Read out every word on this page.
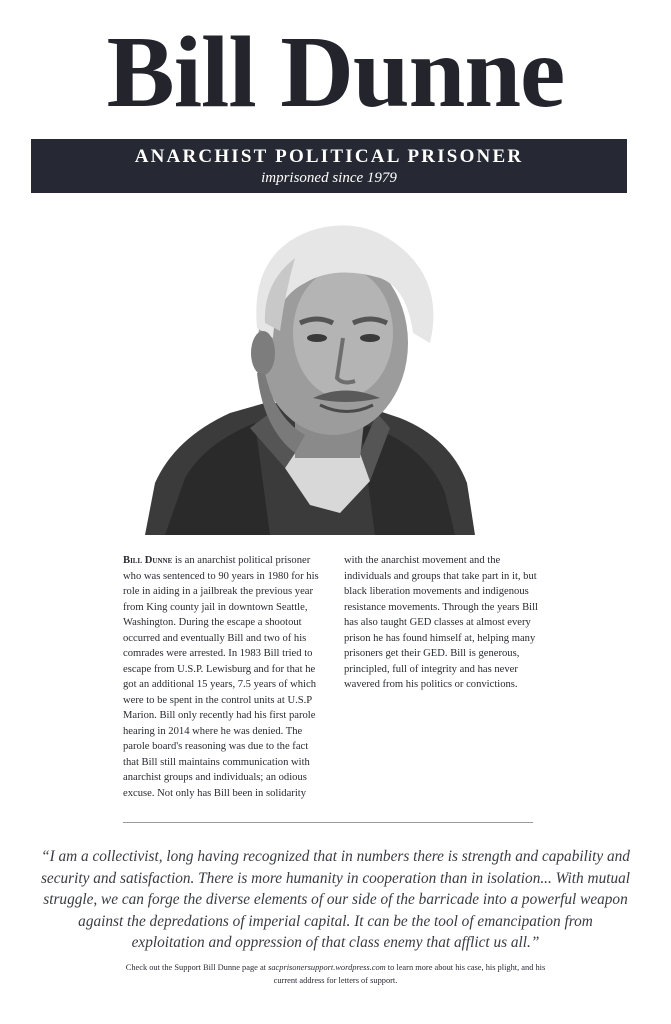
Bill Dunne
ANARCHIST POLITICAL PRISONER
imprisoned since 1979

Bill Dunne is an anarchist political prisoner who was sentenced to 90 years in 1980 for his role in aiding in a jailbreak the previous year from King county jail in downtown Seattle, Washington. During the escape a shootout occurred and eventually Bill and two of his comrades were arrested. In 1983 Bill tried to escape from U.S.P. Lewisburg and for that he got an additional 15 years, 7.5 years of which were to be spent in the control units at U.S.P Marion. Bill only recently had his first parole hearing in 2014 where he was denied. The parole board's reasoning was due to the fact that Bill still maintains communication with anarchist groups and individuals; an odious excuse. Not only has Bill been in solidarity with the anarchist movement and the individuals and groups that take part in it, but black liberation movements and indigenous resistance movements. Through the years Bill has also taught GED classes at almost every prison he has found himself at, helping many prisoners get their GED. Bill is generous, principled, full of integrity and has never wavered from his politics or convictions.

“I am a collectivist, long having recognized that in numbers there is strength and capability and security and satisfaction. There is more humanity in cooperation than in isolation... With mutual struggle, we can forge the diverse elements of our side of the barricade into a powerful weapon against the depredations of imperial capital. It can be the tool of emancipation from exploitation and oppression of that class enemy that afflict us all.”
Check out the Support Bill Dunne page at sacprisonersupport.wordpress.com to learn more about his case, his plight, and his current address for letters of support.
